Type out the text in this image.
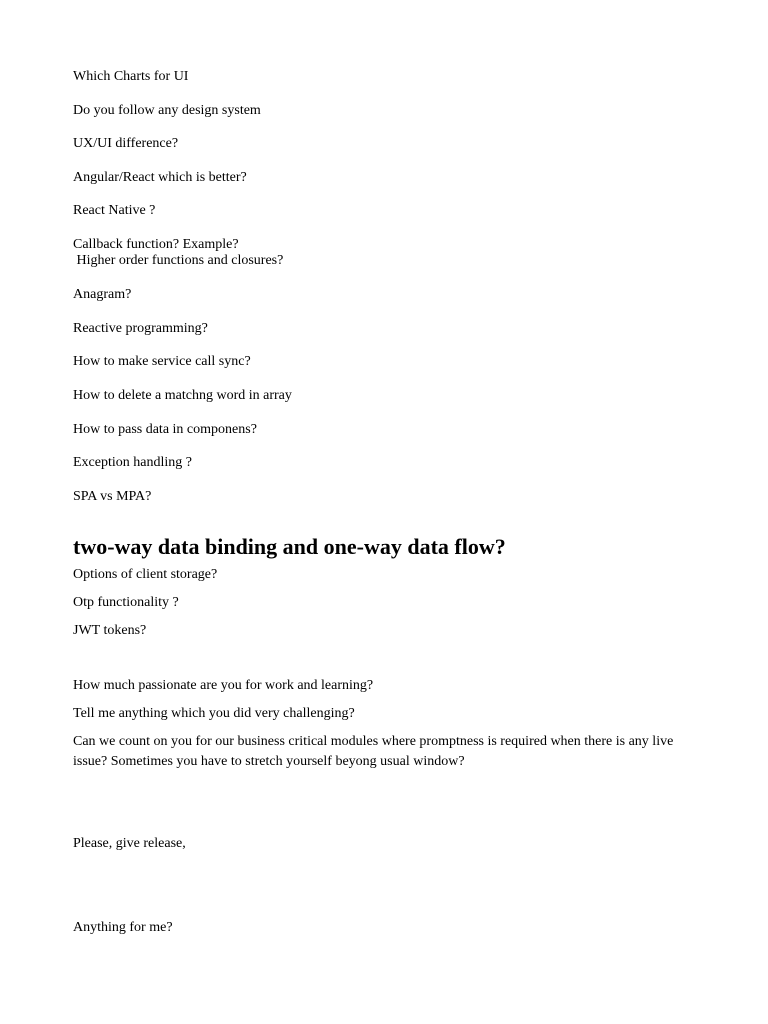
Which Charts for UI
Do you follow any design system
UX/UI difference?
Angular/React which is better?
React Native ?
Callback function? Example?
Higher order functions and closures?
Anagram?
Reactive programming?
How to make service call sync?
How to delete a matchng word in array
How to pass data in componens?
Exception handling ?
SPA vs MPA?
two-way data binding and one-way data flow?
Options of client storage?
Otp functionality ?
JWT tokens?
How much passionate are you for work and learning?
Tell me anything which you did very challenging?
Can we count on you for our business critical modules where promptness is required when there is any live issue? Sometimes you have to stretch yourself beyong usual window?
Please, give release,
Anything for me?
